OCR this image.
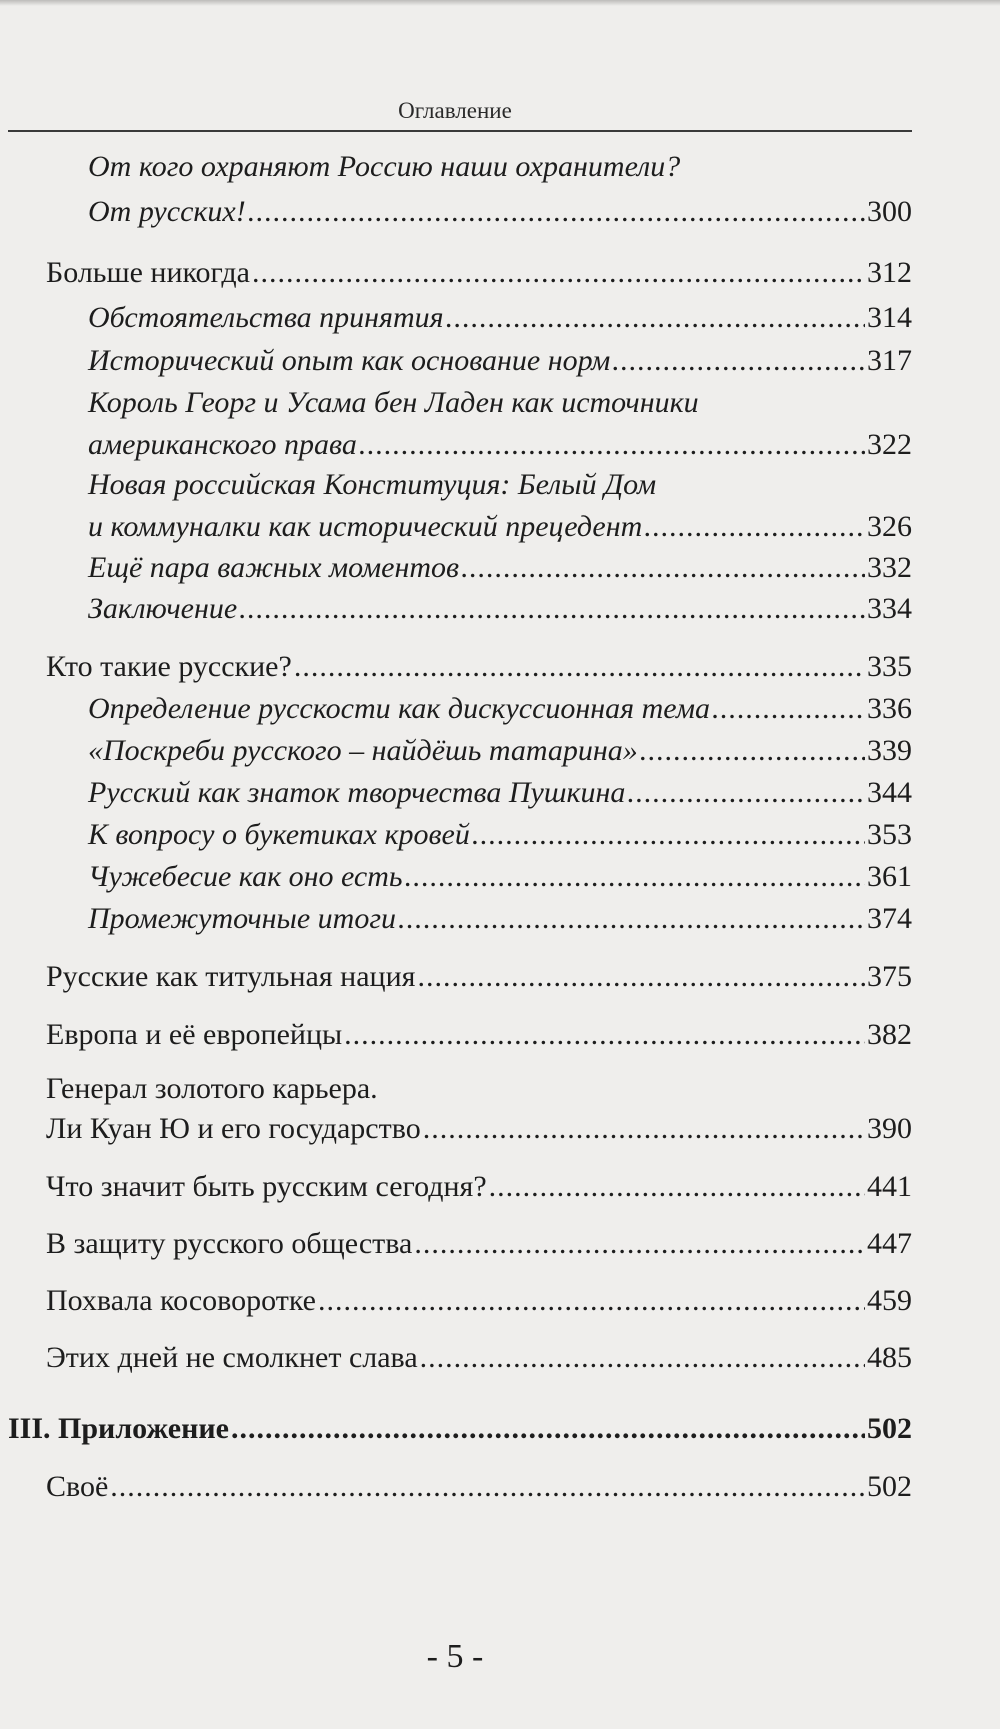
Оглавление
От кого охраняют Россию наши охранители?
От русских! .....	300
Больше никогда .....	312
Обстоятельства принятия .....	314
Исторический опыт как основание норм .....	317
Король Георг и Усама бен Ладен как источники
американского права .....	322
Новая российская Конституция: Белый Дом
и коммуналки как исторический прецедент .....	326
Ещё пара важных моментов .....	332
Заключение .....	334
Кто такие русские? .....	335
Определение русскости как дискуссионная тема .....	336
«Поскреби русского – найдёшь татарина» .....	339
Русский как знаток творчества Пушкина .....	344
К вопросу о букетиках кровей .....	353
Чужебесие как оно есть .....	361
Промежуточные итоги .....	374
Русские как титульная нация .....	375
Европа и её европейцы .....	382
Генерал золотого карьера.
Ли Куан Ю и его государство .....	390
Что значит быть русским сегодня? .....	441
В защиту русского общества .....	447
Похвала косоворотке .....	459
Этих дней не смолкнет слава .....	485
III. Приложение .....	502
Своё .....	502
- 5 -
